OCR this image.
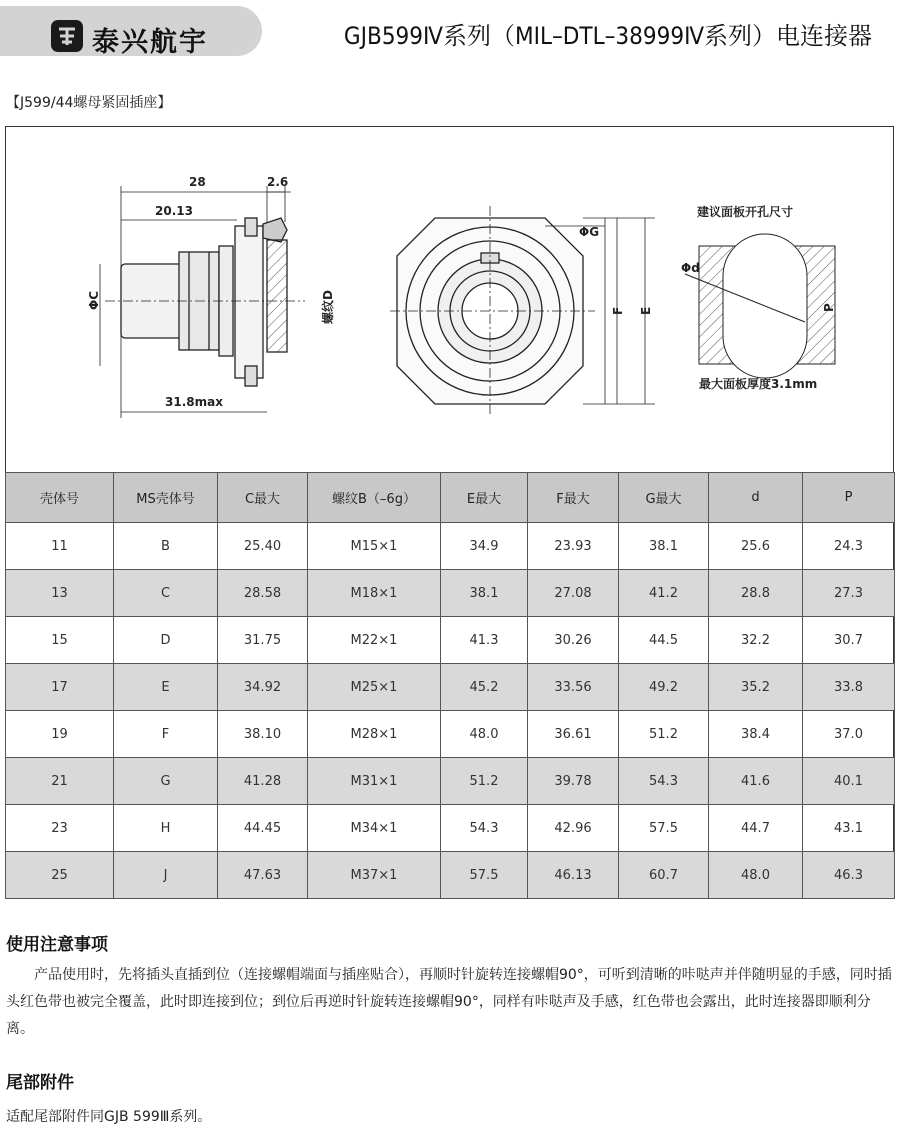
泰兴航宇	GJB599Ⅳ系列（MIL–DTL–38999Ⅳ系列）电连接器
【J599/44螺母紧固插座】
28	2.6
20.13
31.8max
ΦC	螺纹D
ΦG
F E
建议面板开孔尺寸
Φd
P
最大面板厚度3.1mm
壳体号	MS壳体号	C最大	螺纹B（–6g）	E最大	F最大	G最大	d	P
11	B	25.40	M15×1	34.9	23.93	38.1	25.6	24.3
13	C	28.58	M18×1	38.1	27.08	41.2	28.8	27.3
15	D	31.75	M22×1	41.3	30.26	44.5	32.2	30.7
17	E	34.92	M25×1	45.2	33.56	49.2	35.2	33.8
19	F	38.10	M28×1	48.0	36.61	51.2	38.4	37.0
21	G	41.28	M31×1	51.2	39.78	54.3	41.6	40.1
23	H	44.45	M34×1	54.3	42.96	57.5	44.7	43.1
25	J	47.63	M37×1	57.5	46.13	60.7	48.0	46.3
使用注意事项
产品使用时，先将插头直插到位（连接螺帽端面与插座贴合），再顺时针旋转连接螺帽90°，可听到清晰的咔哒声并伴随明显的手感，同时插头红色带也被完全覆盖，此时即连接到位；到位后再逆时针旋转连接螺帽90°，同样有咔哒声及手感，红色带也会露出，此时连接器即顺利分离。
尾部附件
适配尾部附件同GJB 599Ⅲ系列。
